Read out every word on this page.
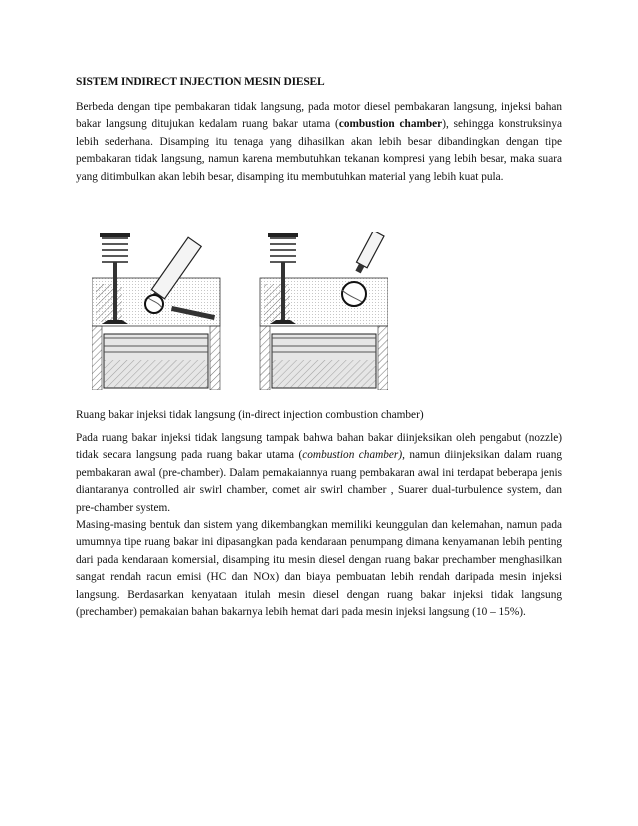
SISTEM INDIRECT INJECTION MESIN DIESEL

Berbeda dengan tipe pembakaran tidak langsung, pada motor diesel pembakaran langsung, injeksi bahan bakar langsung ditujukan kedalam ruang bakar utama (combustion chamber), sehingga konstruksinya lebih sederhana. Disamping itu tenaga yang dihasilkan akan lebih besar dibandingkan dengan tipe pembakaran tidak langsung, namun karena membutuhkan tekanan kompresi yang lebih besar, maka suara yang ditimbulkan akan lebih besar, disamping itu membutuhkan material yang lebih kuat pula.

Ruang bakar injeksi tidak langsung (in-direct injection combustion chamber)

Pada ruang bakar injeksi tidak langsung tampak bahwa bahan bakar diinjeksikan oleh pengabut (nozzle) tidak secara langsung pada ruang bakar utama (combustion chamber), namun diinjeksikan dalam ruang pembakaran awal (pre-chamber). Dalam pemakaiannya ruang pembakaran awal ini terdapat beberapa jenis diantaranya controlled air swirl chamber, comet air swirl chamber , Suarer dual-turbulence system, dan pre-chamber system.

Masing-masing bentuk dan sistem yang dikembangkan memiliki keunggulan dan kelemahan, namun pada umumnya tipe ruang bakar ini dipasangkan pada kendaraan penumpang dimana kenyamanan lebih penting dari pada kendaraan komersial, disamping itu mesin diesel dengan ruang bakar prechamber menghasilkan sangat rendah racun emisi (HC dan NOx) dan biaya pembuatan lebih rendah daripada mesin injeksi langsung. Berdasarkan kenyataan itulah mesin diesel dengan ruang bakar injeksi tidak langsung (prechamber) pemakaian bahan bakarnya lebih hemat dari pada mesin injeksi langsung (10 – 15%).
